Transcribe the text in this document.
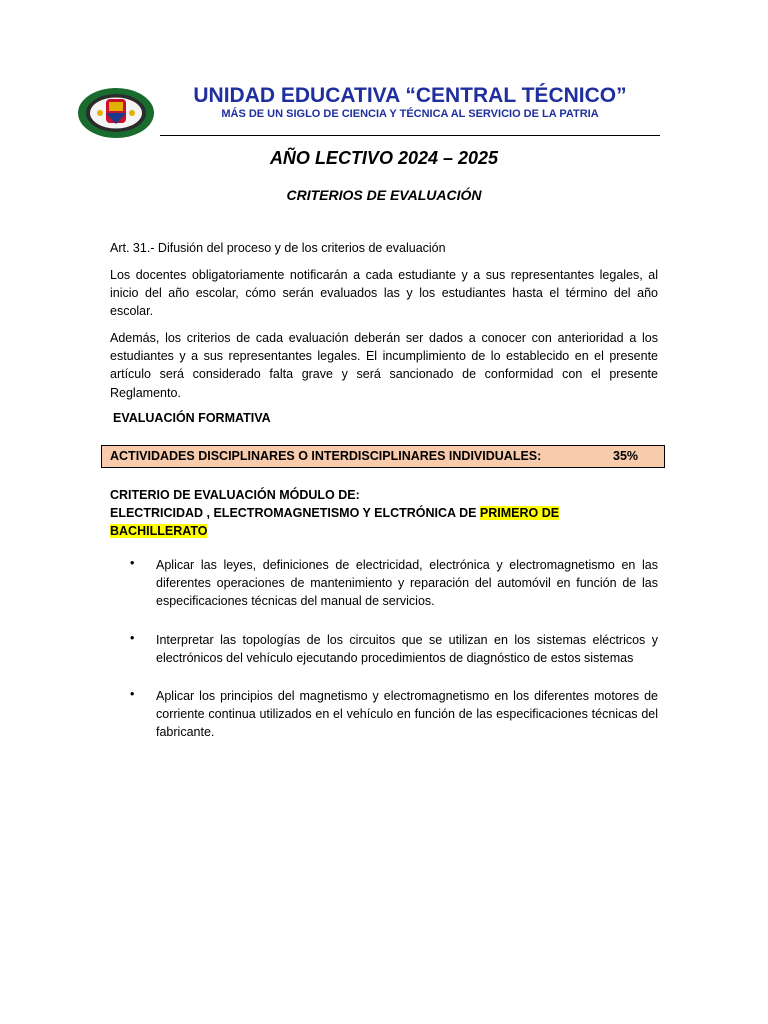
UNIDAD EDUCATIVA “CENTRAL TÉCNICO”
MÁS DE UN SIGLO DE CIENCIA Y TÉCNICA AL SERVICIO DE LA PATRIA
AÑO LECTIVO 2024 – 2025
CRITERIOS DE EVALUACIÓN
Art. 31.- Difusión del proceso y de los criterios de evaluación
Los docentes obligatoriamente notificarán a cada estudiante y a sus representantes legales, al inicio del año escolar, cómo serán evaluados las y los estudiantes hasta el término del año escolar.
Además, los criterios de cada evaluación deberán ser dados a conocer con anterioridad a los estudiantes y a sus representantes legales. El incumplimiento de lo establecido en el presente artículo será considerado falta grave y será sancionado de conformidad con el presente Reglamento.
EVALUACIÓN FORMATIVA
ACTIVIDADES DISCIPLINARES O INTERDISCIPLINARES INDIVIDUALES:	35%
CRITERIO DE EVALUACIÓN MÓDULO DE:
ELECTRICIDAD , ELECTROMAGNETISMO Y ELCTRÓNICA DE PRIMERO DE
BACHILLERATO
• Aplicar las leyes, definiciones de electricidad, electrónica y electromagnetismo en las diferentes operaciones de mantenimiento y reparación del automóvil en función de las especificaciones técnicas del manual de servicios.
• Interpretar las topologías de los circuitos que se utilizan en los sistemas eléctricos y electrónicos del vehículo ejecutando procedimientos de diagnóstico de estos sistemas
• Aplicar los principios del magnetismo y electromagnetismo en los diferentes motores de corriente continua utilizados en el vehículo en función de las especificaciones técnicas del fabricante.
